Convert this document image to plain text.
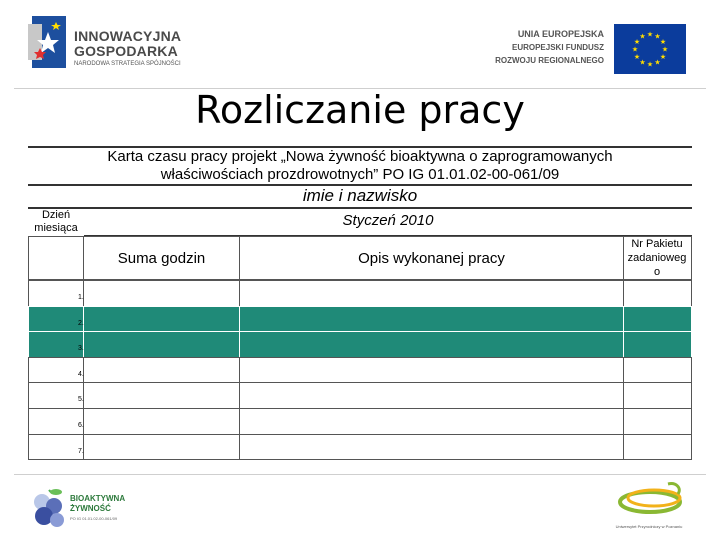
INNOWACYJNA
GOSPODARKA
NARODOWA STRATEGIA SPÓJNOŚCI
UNIA EUROPEJSKA
EUROPEJSKI FUNDUSZ
ROZWOJU REGIONALNEGO
★ ★
★
★
★
★
★
★
★
★
★
★
Rozliczanie pracy
Karta czasu pracy projekt „Nowa żywność bioaktywna o zaprogramowanych
właściwościach prozdrowotnych” PO IG 01.01.02-00-061/09
imie i nazwisko
Dzień
miesiąca	Styczeń 2010
Suma godzin	Opis wykonanej pracy
Nr Pakietu
zadanioweg
o
1.
2.
3.
4.
5.
6.
7.
BIOAKTYWNA
ŻYWNOŚĆ
PO IG 01.01.02-00-061/09
Uniwersytet Przyrodniczy w Poznaniu
